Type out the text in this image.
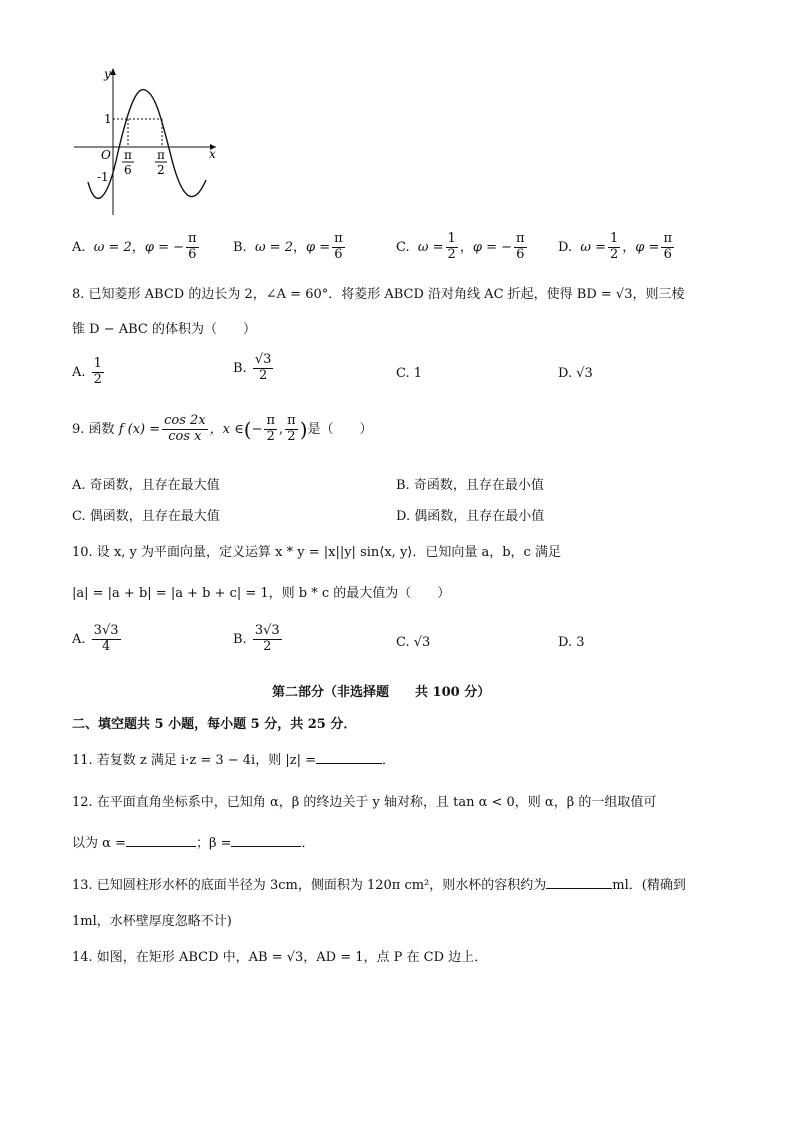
y
x
O
1
-1
π
6
π
2
A. ω = 2，φ = − $\frac{\pi}{6}$	B. ω = 2，$\varphi = \frac{\pi}{6}$	C. $\omega = \frac{1}{2}$ ，φ = − $\frac{\pi}{6} D$. $\omega = \frac{1}{2}$ ，$\varphi = \frac{\pi}{6}$
8. 已知菱形 ABCD 的边长为 2，∠A = 60°．将菱形 ABCD 沿对角线 AC 折起，使得 BD = √3，则三棱
锥 D − ABC 的体积为（　　）
A. $\frac{1}{2}$	B. $\frac{√3}{2}$	C. 1	D. √3
9. 函数 f $(x) = \frac{\cos 2x}{\text{cos x}}$ ，x ∈(− $\frac{\pi}{2}$ , $\frac{\pi}{2}$ )是（　　）
A. 奇函数，且存在最大值	B. 奇函数，且存在最小值
C. 偶函数，且存在最大值	D. 偶函数，且存在最小值
10. 设 x, y 为平面向量，定义运算 x * y = |x||y| sin⟨x, y⟩．已知向量 a，b，c 满足
|a| = |a + b| = |a + b + c| = 1，则 b * c 的最大值为（　　）
A. $\frac{3√3}{4}$	B. $\frac{3√3}{2}$	C. √3	D. 3
第二部分（非选择题　　共 100 分）
二、填空题共 5 小题，每小题 5 分，共 25 分．
11. 若复数 z 满足 i·z = 3 − 4i，则 |z| =	．
12. 在平面直角坐标系中，已知角 α，β 的终边关于 y 轴对称，且 tan α < 0，则 α，β 的一组取值可
以为 α =	；β =	．
13. 已知圆柱形水杯的底面半径为 3cm，侧面积为 120π cm²，则水杯的容积约为	ml．(精确到
1ml，水杯壁厚度忽略不计)
14. 如图，在矩形 ABCD 中，AB = √3，AD = 1，点 P 在 CD 边上．
